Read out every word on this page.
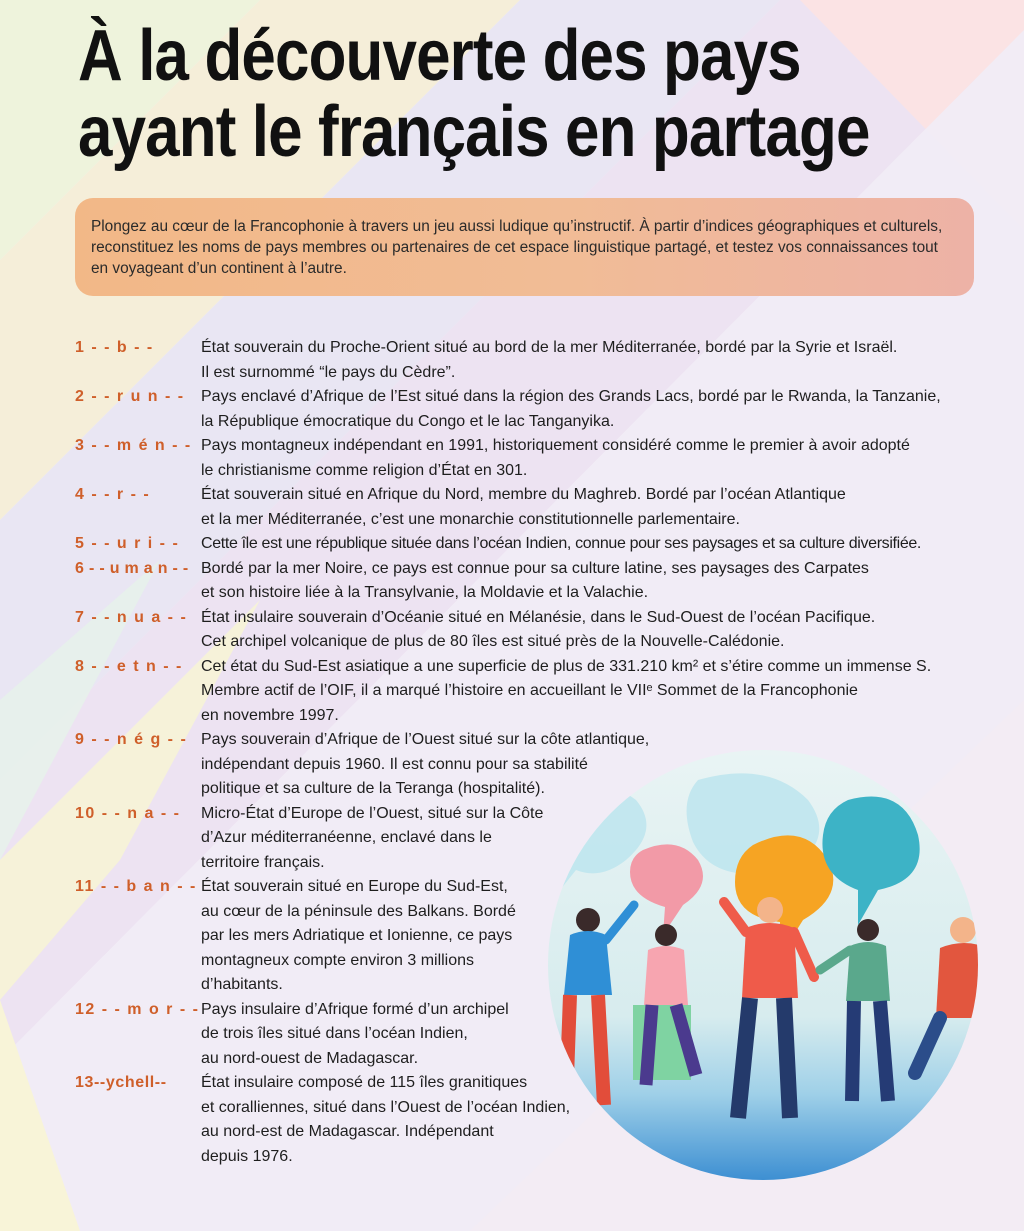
À la découverte des pays
ayant le français en partage
Plongez au cœur de la Francophonie à travers un jeu aussi ludique qu’instructif. À partir d’indices géographiques et culturels, reconstituez les noms de pays membres ou partenaires de cet espace linguistique partagé, et testez vos connaissances tout en voyageant d’un continent à l’autre.
1 - - b - -	État souverain du Proche-Orient situé au bord de la mer Méditerranée, bordé par la Syrie et Israël.
Il est surnommé “le pays du Cèdre”.
2 - - r u n - - Pays enclavé d’Afrique de l’Est situé dans la région des Grands Lacs, bordé par le Rwanda, la Tanzanie,
la République émocratique du Congo et le lac Tanganyika.
3 - - m é n - - Pays montagneux indépendant en 1991, historiquement considéré comme le premier à avoir adopté
le christianisme comme religion d’État en 301.
4 - - r - -	État souverain situé en Afrique du Nord, membre du Maghreb. Bordé par l’océan Atlantique
et la mer Méditerranée, c’est une monarchie constitutionnelle parlementaire.
5 - - u r i - - Cette île est une république située dans l’océan Indien, connue pour ses paysages et sa culture diversifiée.
6 - - u m a n - - Bordé par la mer Noire, ce pays est connue pour sa culture latine, ses paysages des Carpates
et son histoire liée à la Transylvanie, la Moldavie et la Valachie.
7 - - n u a - - État insulaire souverain d’Océanie situé en Mélanésie, dans le Sud-Ouest de l’océan Pacifique.
Cet archipel volcanique de plus de 80 îles est situé près de la Nouvelle-Calédonie.
8 - - e t n - - Cet état du Sud-Est asiatique a une superficie de plus de 331.210 km² et s’étire comme un immense S.
Membre actif de l’OIF, il a marqué l’histoire en accueillant le VIIᵉ Sommet de la Francophonie
en novembre 1997.
9 - - n é g - - Pays souverain d’Afrique de l’Ouest situé sur la côte atlantique,
indépendant depuis 1960. Il est connu pour sa stabilité
politique et sa culture de la Teranga (hospitalité).
10 - - n a - - Micro-État d’Europe de l’Ouest, situé sur la Côte
d’Azur méditerranéenne, enclavé dans le
territoire français.
11 - - b a n - - État souverain situé en Europe du Sud-Est,
au cœur de la péninsule des Balkans. Bordé
par les mers Adriatique et Ionienne, ce pays
montagneux compte environ 3 millions
d’habitants.
12 - - m o r - - Pays insulaire d’Afrique formé d’un archipel
de trois îles situé dans l’océan Indien,
au nord-ouest de Madagascar.
13--ychell-- État insulaire composé de 115 îles granitiques
et coralliennes, situé dans l’Ouest de l’océan Indien,
au nord-est de Madagascar. Indépendant
depuis 1976.
